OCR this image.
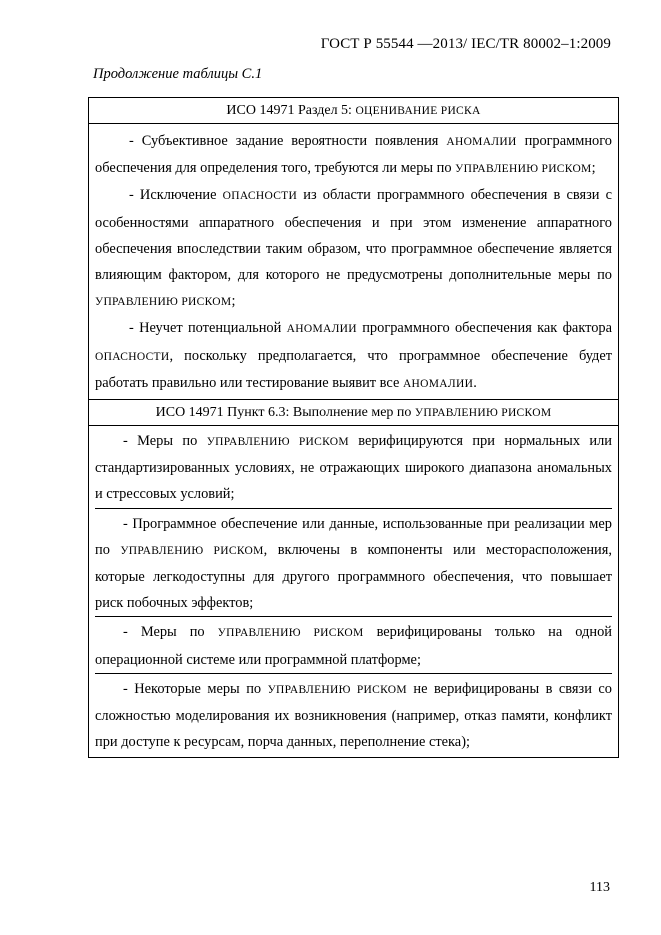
ГОСТ Р 55544 —2013/ IEC/TR 80002–1:2009
Продолжение таблицы С.1
ИСО 14971 Раздел 5: ОЦЕНИВАНИЕ РИСКА

- Субъективное задание вероятности появления АНОМАЛИИ программного обеспечения для определения того, требуются ли меры по УПРАВЛЕНИЮ РИСКОМ;

- Исключение ОПАСНОСТИ из области программного обеспечения в связи с особенностями аппаратного обеспечения и при этом изменение аппаратного обеспечения впоследствии таким образом, что программное обеспечение является влияющим фактором, для которого не предусмотрены дополнительные меры по УПРАВЛЕНИЮ РИСКОМ;

- Неучет потенциальной АНОМАЛИИ программного обеспечения как фактора ОПАСНОСТИ, поскольку предполагается, что программное обеспечение будет работать правильно или тестирование выявит все АНОМАЛИИ.

ИСО 14971 Пункт 6.3: Выполнение мер по УПРАВЛЕНИЮ РИСКОМ

- Меры по УПРАВЛЕНИЮ РИСКОМ верифицируются при нормальных или стандартизированных условиях, не отражающих широкого диапазона аномальных и стрессовых условий;

- Программное обеспечение или данные, использованные при реализации мер по УПРАВЛЕНИЮ РИСКОМ, включены в компоненты или месторасположения, которые легкодоступны для другого программного обеспечения, что повышает риск побочных эффектов;

- Меры по УПРАВЛЕНИЮ РИСКОМ верифицированы только на одной операционной системе или программной платформе;

- Некоторые меры по УПРАВЛЕНИЮ РИСКОМ не верифицированы в связи со сложностью моделирования их возникновения (например, отказ памяти, конфликт при доступе к ресурсам, порча данных, переполнение стека);

113
